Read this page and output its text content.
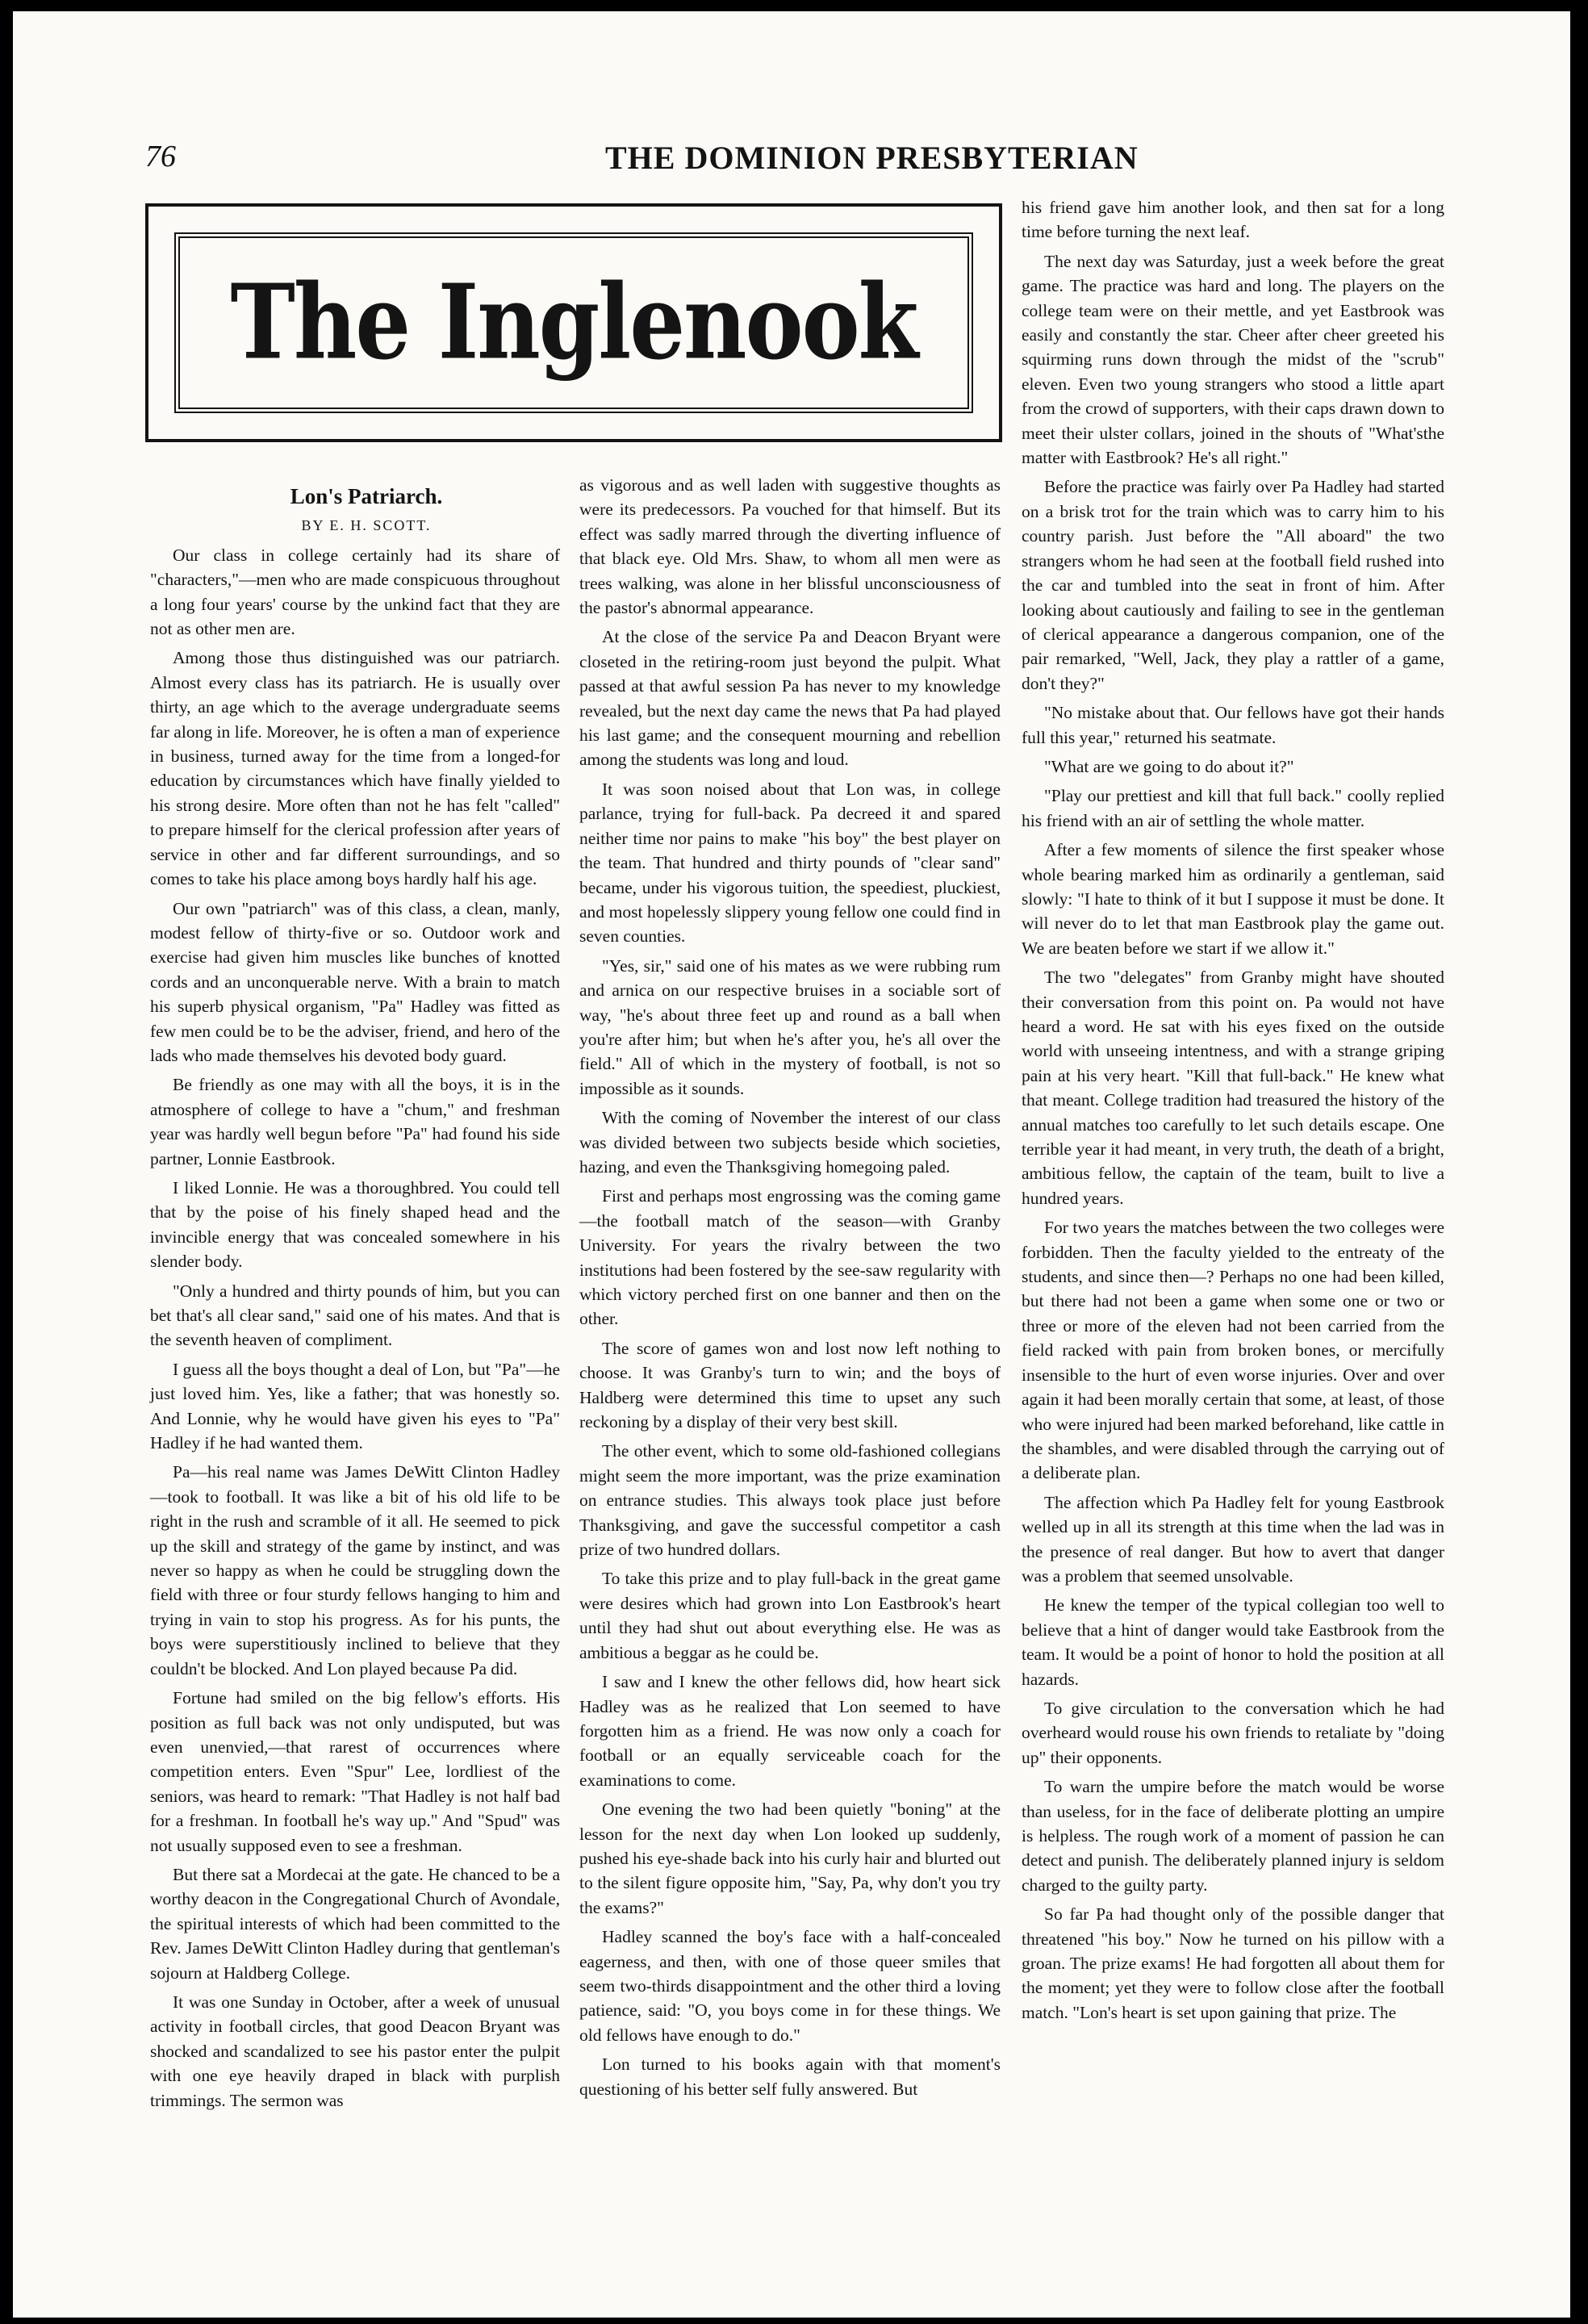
76	THE DOMINION PRESBYTERIAN
The Inglenook

Lon's Patriarch.

BY E. H. SCOTT.

Our class in college certainly had its share of "characters,"—men who are made conspicuous throughout a long four years' course by the unkind fact that they are not as other men are.

Among those thus distinguished was our patriarch. Almost every class has its patriarch. He is usually over thirty, an age which to the average undergraduate seems far along in life. Moreover, he is often a man of experience in business, turned away for the time from a longed-for education by circumstances which have finally yielded to his strong desire. More often than not he has felt "called" to prepare himself for the clerical profession after years of service in other and far different surroundings, and so comes to take his place among boys hardly half his age.

Our own "patriarch" was of this class, a clean, manly, modest fellow of thirty-five or so. Outdoor work and exercise had given him muscles like bunches of knotted cords and an unconquerable nerve. With a brain to match his superb physical organism, "Pa" Hadley was fitted as few men could be to be the adviser, friend, and hero of the lads who made themselves his devoted body guard.

Be friendly as one may with all the boys, it is in the atmosphere of college to have a "chum," and freshman year was hardly well begun before "Pa" had found his side partner, Lonnie Eastbrook.

I liked Lonnie. He was a thoroughbred. You could tell that by the poise of his finely shaped head and the invincible energy that was concealed somewhere in his slender body.

"Only a hundred and thirty pounds of him, but you can bet that's all clear sand," said one of his mates. And that is the seventh heaven of compliment.

I guess all the boys thought a deal of Lon, but "Pa"—he just loved him. Yes, like a father; that was honestly so. And Lonnie, why he would have given his eyes to "Pa" Hadley if he had wanted them.

Pa—his real name was James DeWitt Clinton Hadley—took to football. It was like a bit of his old life to be right in the rush and scramble of it all. He seemed to pick up the skill and strategy of the game by instinct, and was never so happy as when he could be struggling down the field with three or four sturdy fellows hanging to him and trying in vain to stop his progress. As for his punts, the boys were superstitiously inclined to believe that they couldn't be blocked. And Lon played because Pa did.

Fortune had smiled on the big fellow's efforts. His position as full back was not only undisputed, but was even unenvied,—that rarest of occurrences where competition enters. Even "Spur" Lee, lordliest of the seniors, was heard to remark: "That Hadley is not half bad for a freshman. In football he's way up." And "Spud" was not usually supposed even to see a freshman.

But there sat a Mordecai at the gate. He chanced to be a worthy deacon in the Congregational Church of Avondale, the spiritual interests of which had been committed to the Rev. James DeWitt Clinton Hadley during that gentleman's sojourn at Haldberg College.

It was one Sunday in October, after a week of unusual activity in football circles, that good Deacon Bryant was shocked and scandalized to see his pastor enter the pulpit with one eye heavily draped in black with purplish trimmings. The sermon was

as vigorous and as well laden with suggestive thoughts as were its predecessors. Pa vouched for that himself. But its effect was sadly marred through the diverting influence of that black eye. Old Mrs. Shaw, to whom all men were as trees walking, was alone in her blissful unconsciousness of the pastor's abnormal appearance.

At the close of the service Pa and Deacon Bryant were closeted in the retiring-room just beyond the pulpit. What passed at that awful session Pa has never to my knowledge revealed, but the next day came the news that Pa had played his last game; and the consequent mourning and rebellion among the students was long and loud.

It was soon noised about that Lon was, in college parlance, trying for full-back. Pa decreed it and spared neither time nor pains to make "his boy" the best player on the team. That hundred and thirty pounds of "clear sand" became, under his vigorous tuition, the speediest, pluckiest, and most hopelessly slippery young fellow one could find in seven counties.

"Yes, sir," said one of his mates as we were rubbing rum and arnica on our respective bruises in a sociable sort of way, "he's about three feet up and round as a ball when you're after him; but when he's after you, he's all over the field." All of which in the mystery of football, is not so impossible as it sounds.

With the coming of November the interest of our class was divided between two subjects beside which societies, hazing, and even the Thanksgiving homegoing paled.

First and perhaps most engrossing was the coming game—the football match of the season—with Granby University. For years the rivalry between the two institutions had been fostered by the see-saw regularity with which victory perched first on one banner and then on the other.

The score of games won and lost now left nothing to choose. It was Granby's turn to win; and the boys of Haldberg were determined this time to upset any such reckoning by a display of their very best skill.

The other event, which to some old-fashioned collegians might seem the more important, was the prize examination on entrance studies. This always took place just before Thanksgiving, and gave the successful competitor a cash prize of two hundred dollars.

To take this prize and to play full-back in the great game were desires which had grown into Lon Eastbrook's heart until they had shut out about everything else. He was as ambitious a beggar as he could be.

I saw and I knew the other fellows did, how heart sick Hadley was as he realized that Lon seemed to have forgotten him as a friend. He was now only a coach for football or an equally serviceable coach for the examinations to come.

One evening the two had been quietly "boning" at the lesson for the next day when Lon looked up suddenly, pushed his eye-shade back into his curly hair and blurted out to the silent figure opposite him, "Say, Pa, why don't you try the exams?"

Hadley scanned the boy's face with a half-concealed eagerness, and then, with one of those queer smiles that seem two-thirds disappointment and the other third a loving patience, said: "O, you boys come in for these things. We old fellows have enough to do."

Lon turned to his books again with that moment's questioning of his better self fully answered. But

his friend gave him another look, and then sat for a long time before turning the next leaf.

The next day was Saturday, just a week before the great game. The practice was hard and long. The players on the college team were on their mettle, and yet Eastbrook was easily and constantly the star. Cheer after cheer greeted his squirming runs down through the midst of the "scrub" eleven. Even two young strangers who stood a little apart from the crowd of supporters, with their caps drawn down to meet their ulster collars, joined in the shouts of "What'sthe matter with Eastbrook? He's all right."

Before the practice was fairly over Pa Hadley had started on a brisk trot for the train which was to carry him to his country parish. Just before the "All aboard" the two strangers whom he had seen at the football field rushed into the car and tumbled into the seat in front of him. After looking about cautiously and failing to see in the gentleman of clerical appearance a dangerous companion, one of the pair remarked, "Well, Jack, they play a rattler of a game, don't they?"

"No mistake about that. Our fellows have got their hands full this year," returned his seatmate.

"What are we going to do about it?"

"Play our prettiest and kill that full back." coolly replied his friend with an air of settling the whole matter.

After a few moments of silence the first speaker whose whole bearing marked him as ordinarily a gentleman, said slowly: "I hate to think of it but I suppose it must be done. It will never do to let that man Eastbrook play the game out. We are beaten before we start if we allow it."

The two "delegates" from Granby might have shouted their conversation from this point on. Pa would not have heard a word. He sat with his eyes fixed on the outside world with unseeing intentness, and with a strange griping pain at his very heart. "Kill that full-back." He knew what that meant. College tradition had treasured the history of the annual matches too carefully to let such details escape. One terrible year it had meant, in very truth, the death of a bright, ambitious fellow, the captain of the team, built to live a hundred years.

For two years the matches between the two colleges were forbidden. Then the faculty yielded to the entreaty of the students, and since then—? Perhaps no one had been killed, but there had not been a game when some one or two or three or more of the eleven had not been carried from the field racked with pain from broken bones, or mercifully insensible to the hurt of even worse injuries. Over and over again it had been morally certain that some, at least, of those who were injured had been marked beforehand, like cattle in the shambles, and were disabled through the carrying out of a deliberate plan.

The affection which Pa Hadley felt for young Eastbrook welled up in all its strength at this time when the lad was in the presence of real danger. But how to avert that danger was a problem that seemed unsolvable.

He knew the temper of the typical collegian too well to believe that a hint of danger would take Eastbrook from the team. It would be a point of honor to hold the position at all hazards.

To give circulation to the conversation which he had overheard would rouse his own friends to retaliate by "doing up" their opponents.

To warn the umpire before the match would be worse than useless, for in the face of deliberate plotting an umpire is helpless. The rough work of a moment of passion he can detect and punish. The deliberately planned injury is seldom charged to the guilty party.

So far Pa had thought only of the possible danger that threatened "his boy." Now he turned on his pillow with a groan. The prize exams! He had forgotten all about them for the moment; yet they were to follow close after the football match. "Lon's heart is set upon gaining that prize. The
